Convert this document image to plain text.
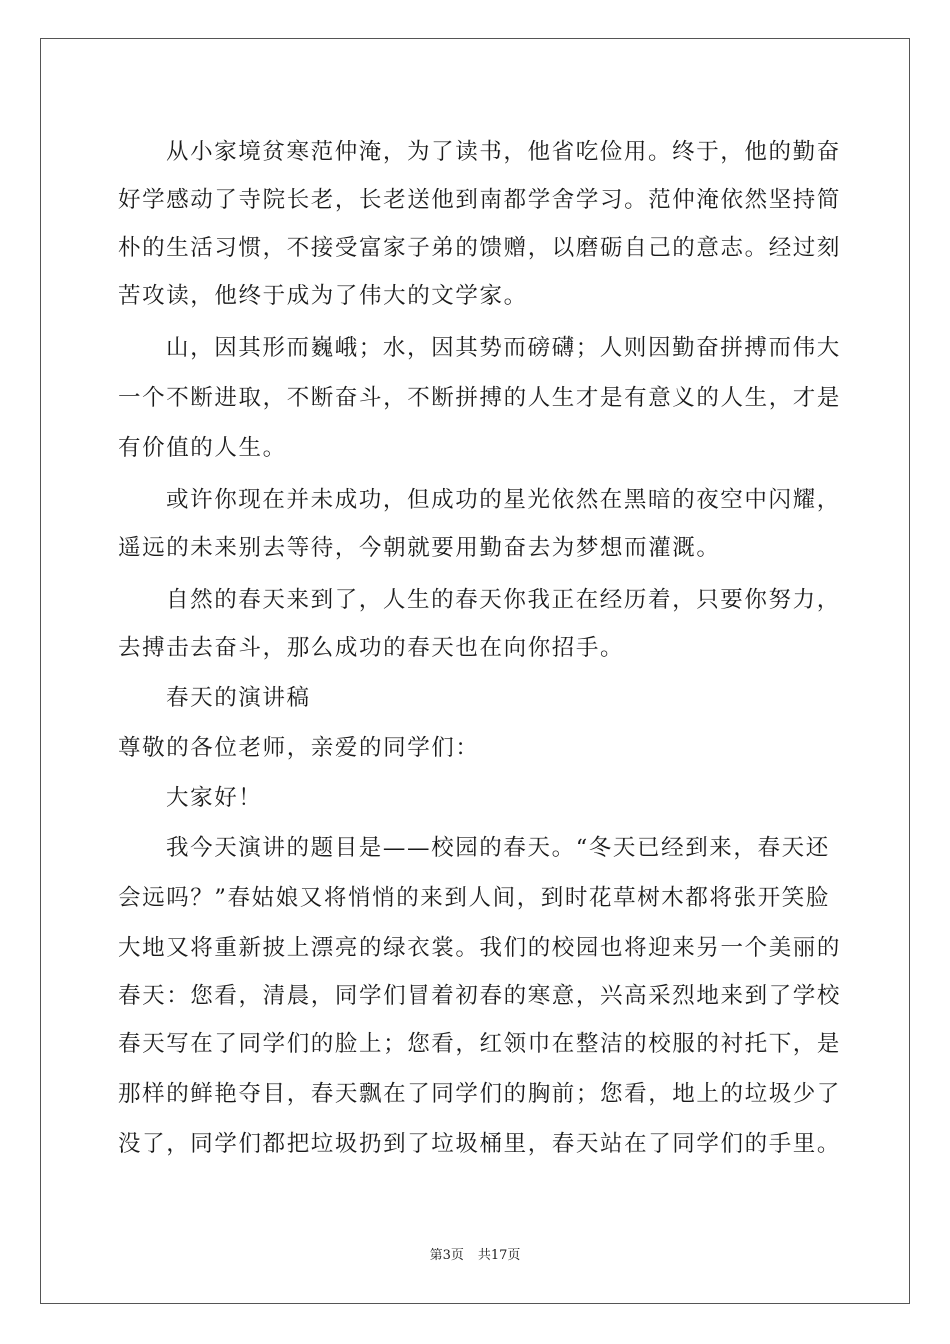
从小家境贫寒范仲淹，为了读书，他省吃俭用。终于，他的勤奋
好学感动了寺院长老，长老送他到南都学舍学习。范仲淹依然坚持简
朴的生活习惯，不接受富家子弟的馈赠，以磨砺自己的意志。经过刻
苦攻读，他终于成为了伟大的文学家。
山，因其形而巍峨；水，因其势而磅礴；人则因勤奋拼搏而伟大
一个不断进取，不断奋斗，不断拼搏的人生才是有意义的人生，才是
有价值的人生。
或许你现在并未成功，但成功的星光依然在黑暗的夜空中闪耀，
遥远的未来别去等待，今朝就要用勤奋去为梦想而灌溉。
自然的春天来到了，人生的春天你我正在经历着，只要你努力，
去搏击去奋斗，那么成功的春天也在向你招手。
春天的演讲稿
尊敬的各位老师，亲爱的同学们：
大家好！
我今天演讲的题目是——校园的春天。“冬天已经到来，春天还
会远吗？”春姑娘又将悄悄的来到人间，到时花草树木都将张开笑脸
大地又将重新披上漂亮的绿衣裳。我们的校园也将迎来另一个美丽的
春天：您看，清晨，同学们冒着初春的寒意，兴高采烈地来到了学校
春天写在了同学们的脸上；您看，红领巾在整洁的校服的衬托下，是
那样的鲜艳夺目，春天飘在了同学们的胸前；您看，地上的垃圾少了
没了，同学们都把垃圾扔到了垃圾桶里，春天站在了同学们的手里。
第3页 共17页
